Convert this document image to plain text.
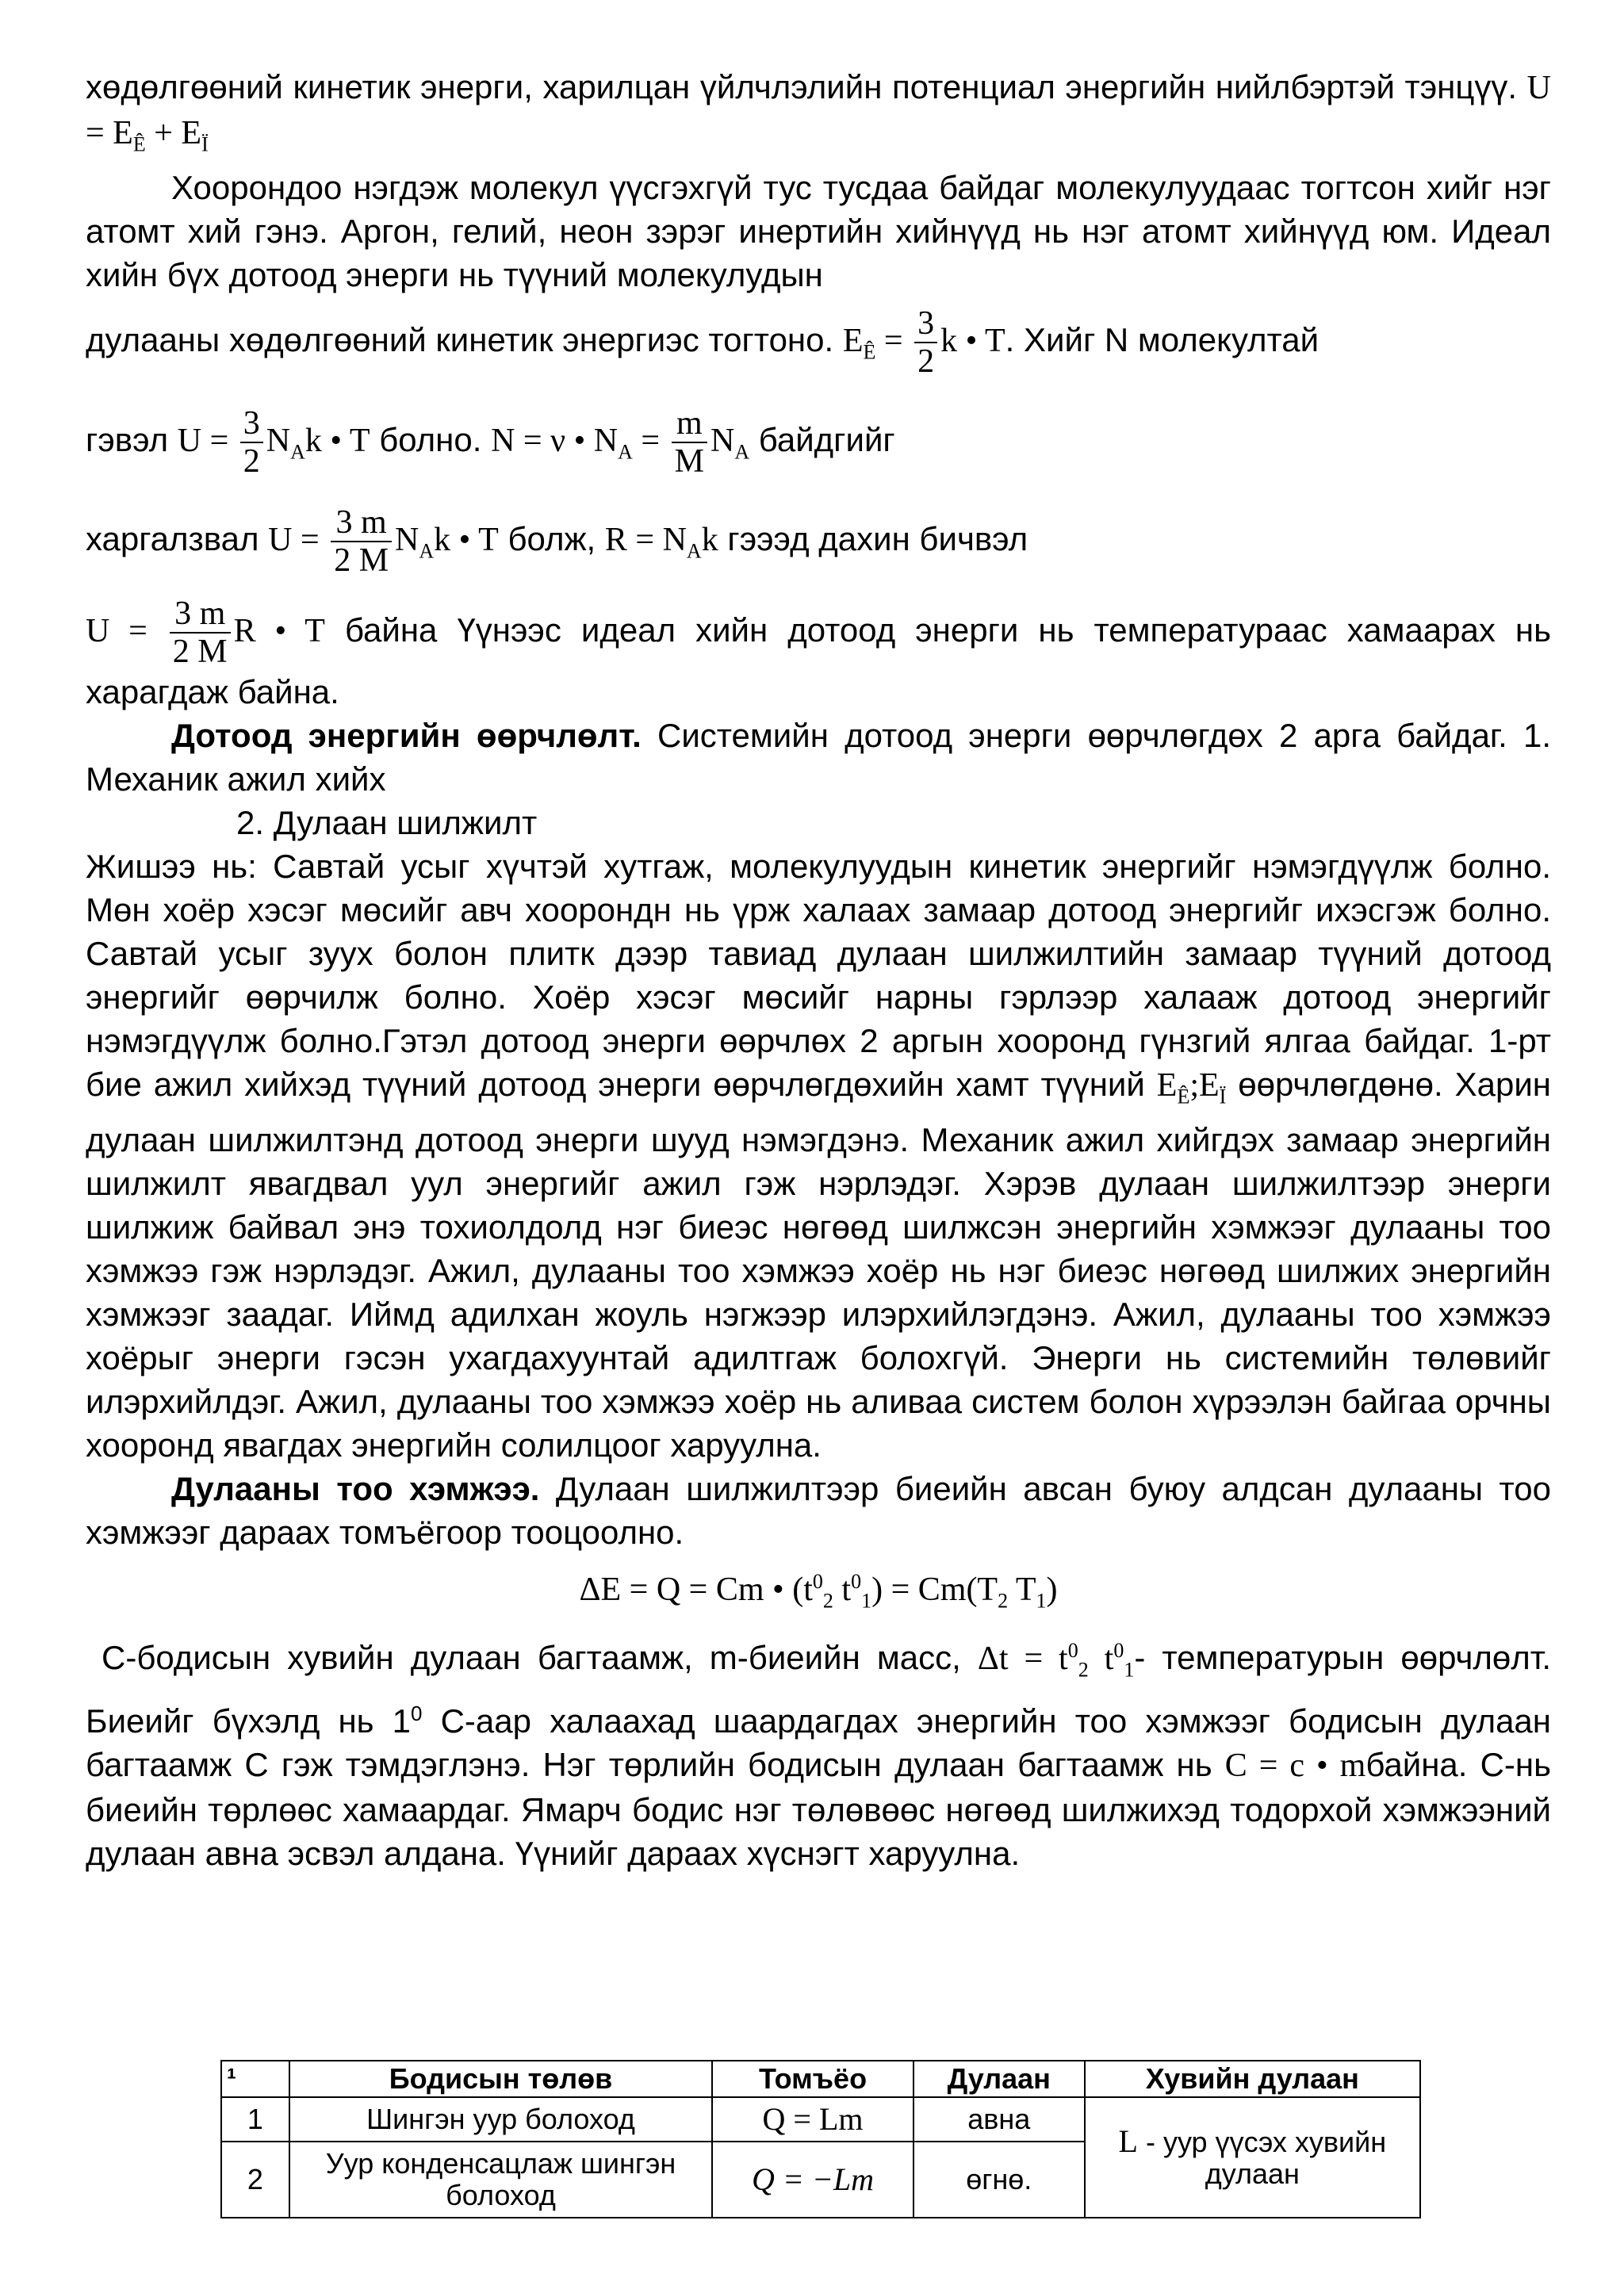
хөдөлгөөний кинетик энерги, харилцан үйлчлэлийн потенциал энергийн нийлбэртэй тэнцүү. $U = E_Ê + E_Ï$

Хоорондоо нэгдэж молекул үүсгэхгүй тус тусдаа байдаг молекулуудаас тогтсон хийг нэг атомт хий гэнэ. Аргон, гелий, неон зэрэг инертийн хийнүүд нь нэг атомт хийнүүд юм. Идеал хийн бүх дотоод энерги нь түүний молекулудын

дулааны хөдөлгөөний кинетик энергиэс тогтоно. $E_Ê = \frac{3}{2}$ k • T. Хийг N молекултай

гэвэл $U = \frac{3}{2} N_Ak$ • T болно. N = ν • $N_A = \frac{m}{M} N_A$ байдгийг

харгалзвал $U = \frac{3 m}{2 M} N_Ak$ • T болж, $R = N_Ak$ гэээд дахин бичвэл

$U = \frac{3 m}{2 M}$ R • T байна Үүнээс идеал хийн дотоод энерги нь температураас хамаарах нь харагдаж байна.

Дотоод энергийн өөрчлөлт. Системийн дотоод энерги өөрчлөгдөх 2 арга байдаг. 1. Механик ажил хийх

2. Дулаан шилжилт

Жишээ нь: Савтай усыг хүчтэй хутгаж, молекулуудын кинетик энергийг нэмэгдүүлж болно. Мөн хоёр хэсэг мөсийг авч хоорондн нь үрж халаах замаар дотоод энергийг ихэсгэж болно. Савтай усыг зуух болон плитк дээр тавиад дулаан шилжилтийн замаар түүний дотоод энергийг өөрчилж болно. Хоёр хэсэг мөсийг нарны гэрлээр халааж дотоод энергийг нэмэгдүүлж болно.Гэтэл дотоод энерги өөрчлөх 2 аргын хооронд гүнзгий ялгаа байдаг. 1-рт бие ажил хийхэд түүний дотоод энерги өөрчлөгдөхийн хамт түүний $E_Ê;E_Ï$ өөрчлөгдөнө. Харин дулаан шилжилтэнд дотоод энерги шууд нэмэгдэнэ. Механик ажил хийгдэх замаар энергийн шилжилт явагдвал уул энергийг ажил гэж нэрлэдэг. Хэрэв дулаан шилжилтээр энерги шилжиж байвал энэ тохиолдолд нэг биеэс нөгөөд шилжсэн энергийн хэмжээг дулааны тоо хэмжээ гэж нэрлэдэг. Ажил, дулааны тоо хэмжээ хоёр нь нэг биеэс нөгөөд шилжих энергийн хэмжээг заадаг. Иймд адилхан жоуль нэгжээр илэрхийлэгдэнэ. Ажил, дулааны тоо хэмжээ хоёрыг энерги гэсэн ухагдахуунтай адилтгаж болохгүй. Энерги нь системийн төлөвийг илэрхийлдэг. Ажил, дулааны тоо хэмжээ хоёр нь аливаа систем болон хүрээлэн байгаа орчны хооронд явагдах энергийн солилцоог харуулна.

Дулааны тоо хэмжээ. Дулаан шилжилтээр биеийн авсан буюу алдсан дулааны тоо хэмжээг дараах томъёгоор тооцоолно.

ΔE = Q = Cm • ($t^0_2$ $t^0_1) = Cm(T_2$ $T_1$)

С-бодисын хувийн дулаан багтаамж, m-биеийн масс, $\Delta t = t^0_2$ $t^0_1-$ температурын өөрчлөлт. Биеийг бүхэлд нь $1^0$ С-аар халаахад шаардагдах энергийн тоо хэмжээг бодисын дулаан багтаамж С гэж тэмдэглэнэ. Нэг төрлийн бодисын дулаан багтаамж нь C = c • mбайна. С-нь биеийн төрлөөс хамаардаг. Ямарч бодис нэг төлөвөөс нөгөөд шилжихэд тодорхой хэмжээний дулаан авна эсвэл алдана. Үүнийг дараах хүснэгт харуулна.

¹	Бодисын төлөв	Томъёо	Дулаан	Хувийн дулаан
1	Шингэн уур болоход	Q = Lm	авна	L - уур үүсэх хувийн дулаан
2	Уур конденсацлаж шингэн болоход	Q = −Lm	өгнө.	
